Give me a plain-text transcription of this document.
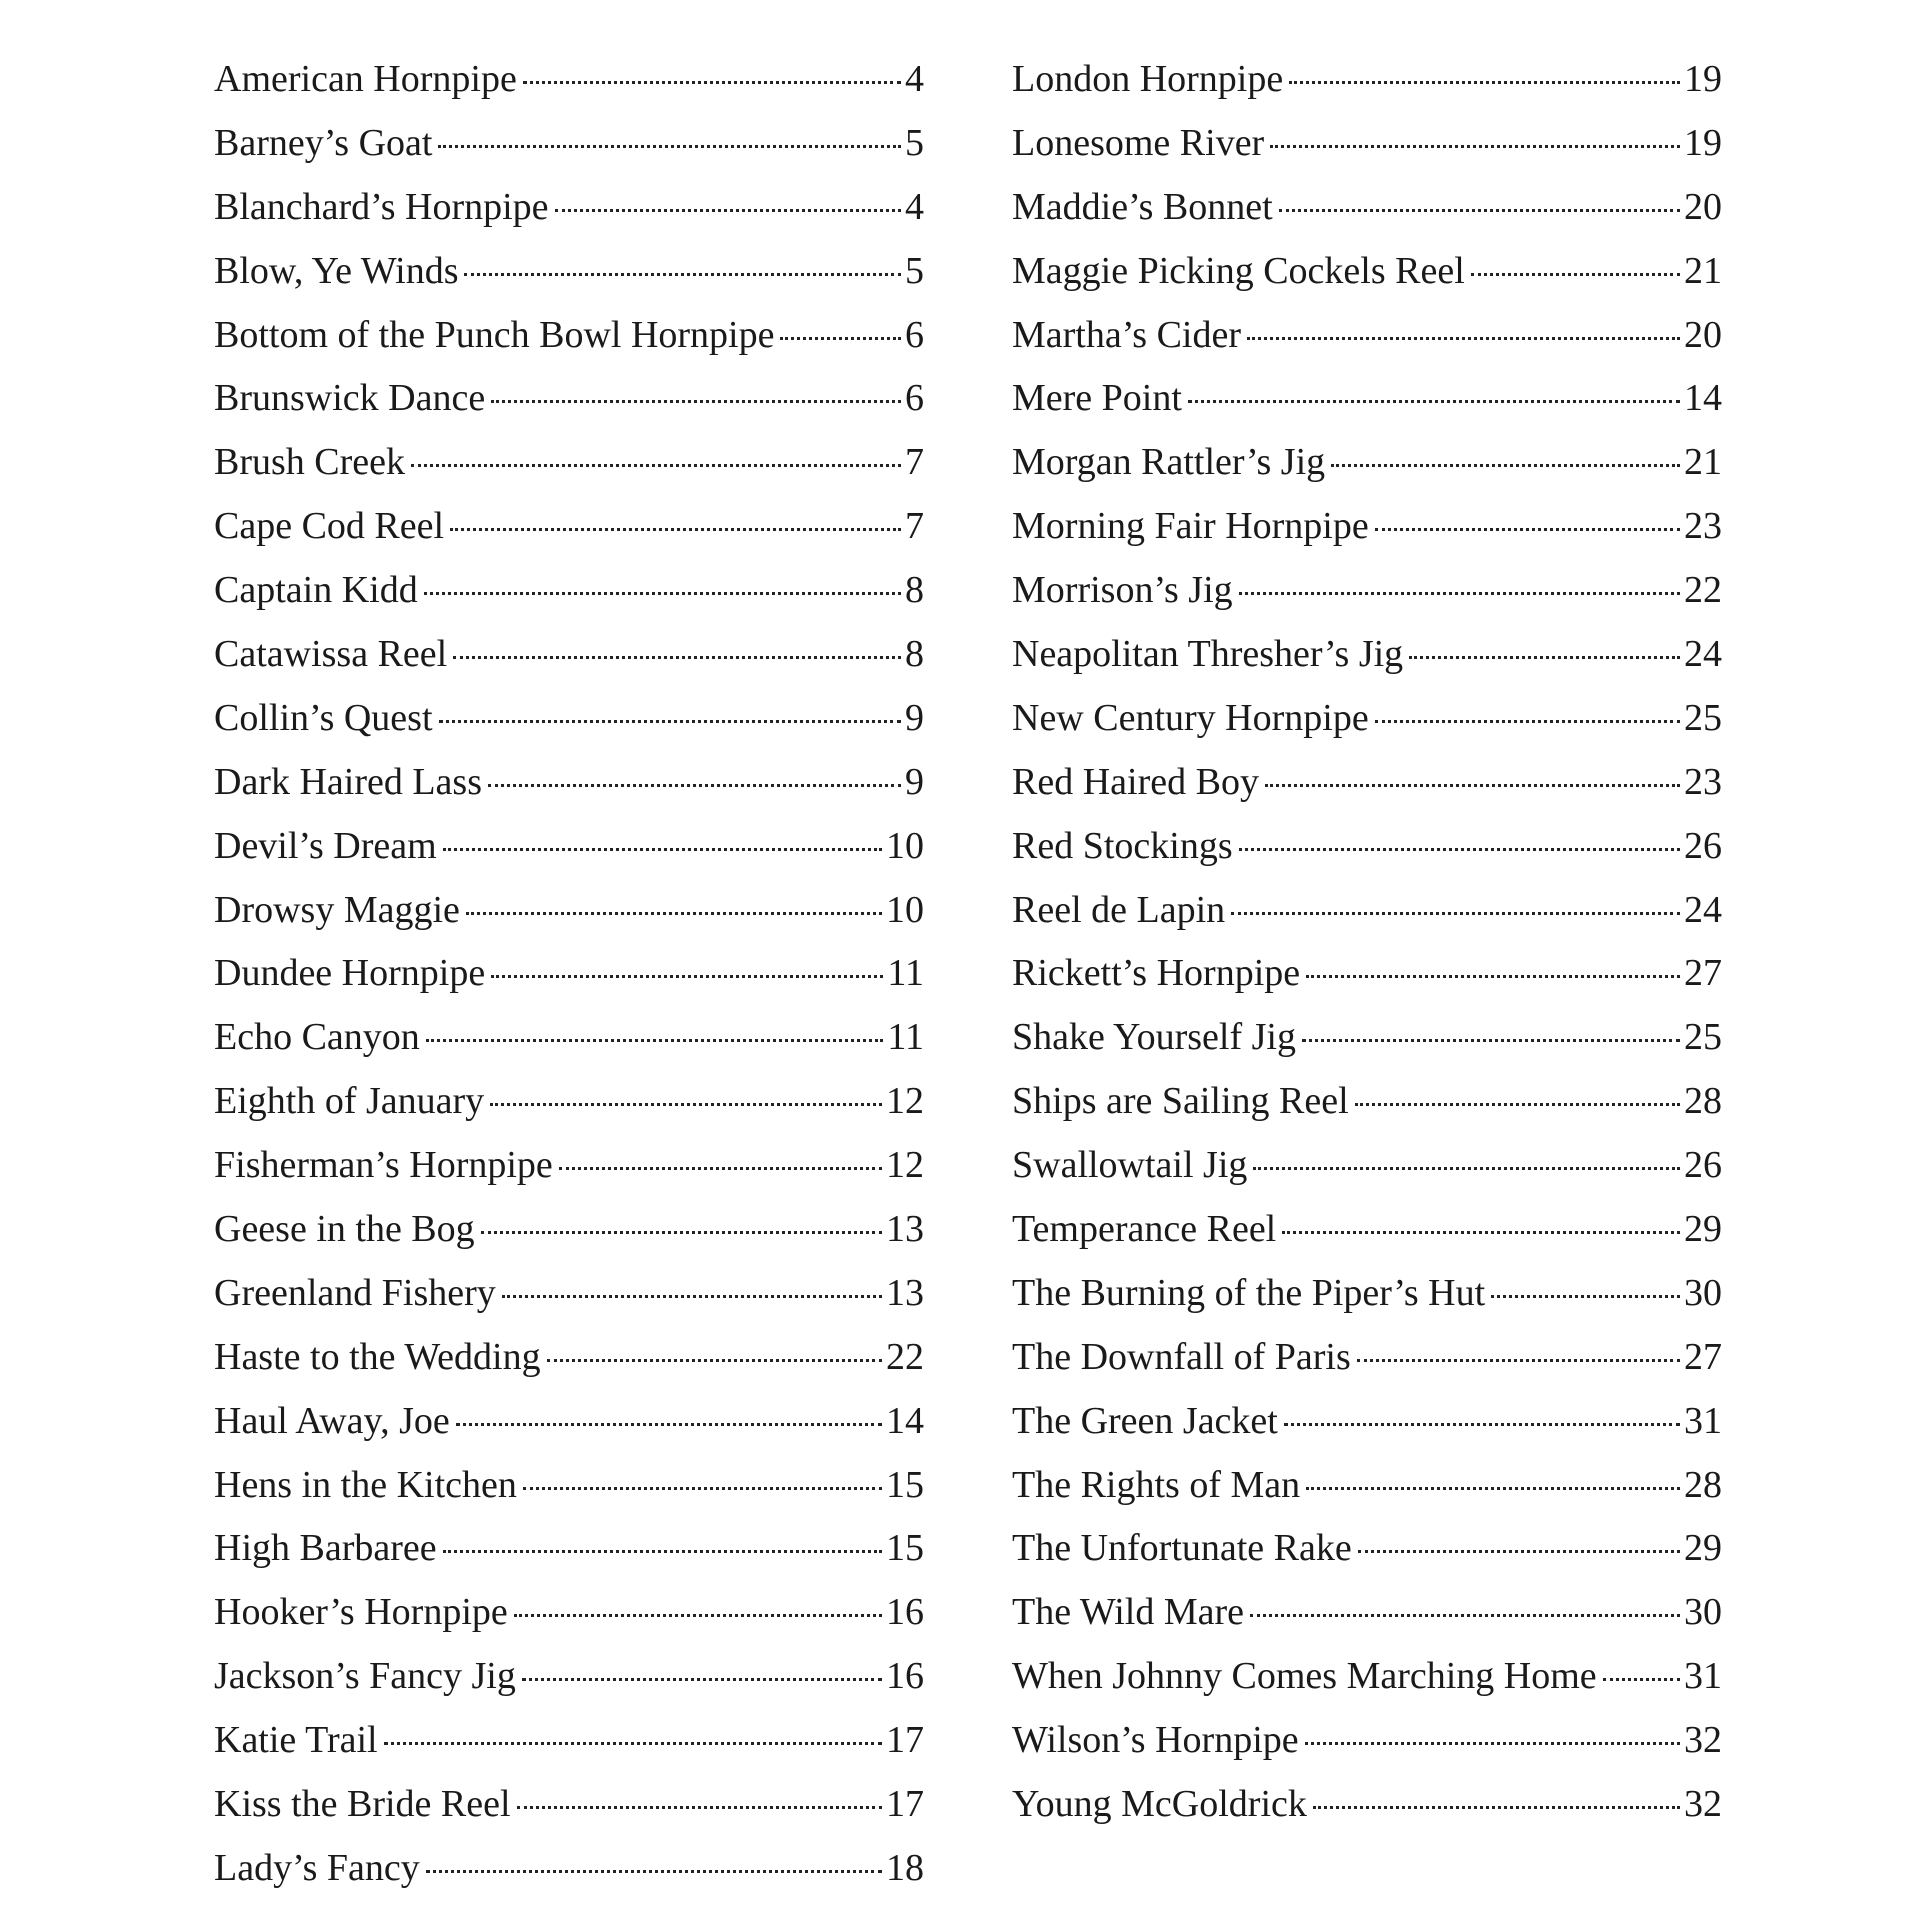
American Hornpipe	4
Barney’s Goat	5
Blanchard’s Hornpipe	4
Blow, Ye Winds	5
Bottom of the Punch Bowl Hornpipe	6
Brunswick Dance	6
Brush Creek	7
Cape Cod Reel	7
Captain Kidd	8
Catawissa Reel	8
Collin’s Quest	9
Dark Haired Lass	9
Devil’s Dream	10
Drowsy Maggie	10
Dundee Hornpipe	11
Echo Canyon	11
Eighth of January	12
Fisherman’s Hornpipe	12
Geese in the Bog	13
Greenland Fishery	13
Haste to the Wedding	22
Haul Away, Joe	14
Hens in the Kitchen	15
High Barbaree	15
Hooker’s Hornpipe	16
Jackson’s Fancy Jig	16
Katie Trail	17
Kiss the Bride Reel	17
Lady’s Fancy	18
London Hornpipe	19
Lonesome River	19
Maddie’s Bonnet	20
Maggie Picking Cockels Reel	21
Martha’s Cider	20
Mere Point	14
Morgan Rattler’s Jig	21
Morning Fair Hornpipe	23
Morrison’s Jig	22
Neapolitan Thresher’s Jig	24
New Century Hornpipe	25
Red Haired Boy	23
Red Stockings	26
Reel de Lapin	24
Rickett’s Hornpipe	27
Shake Yourself Jig	25
Ships are Sailing Reel	28
Swallowtail Jig	26
Temperance Reel	29
The Burning of the Piper’s Hut	30
The Downfall of Paris	27
The Green Jacket	31
The Rights of Man	28
The Unfortunate Rake	29
The Wild Mare	30
When Johnny Comes Marching Home 31
Wilson’s Hornpipe	32
Young McGoldrick	32
